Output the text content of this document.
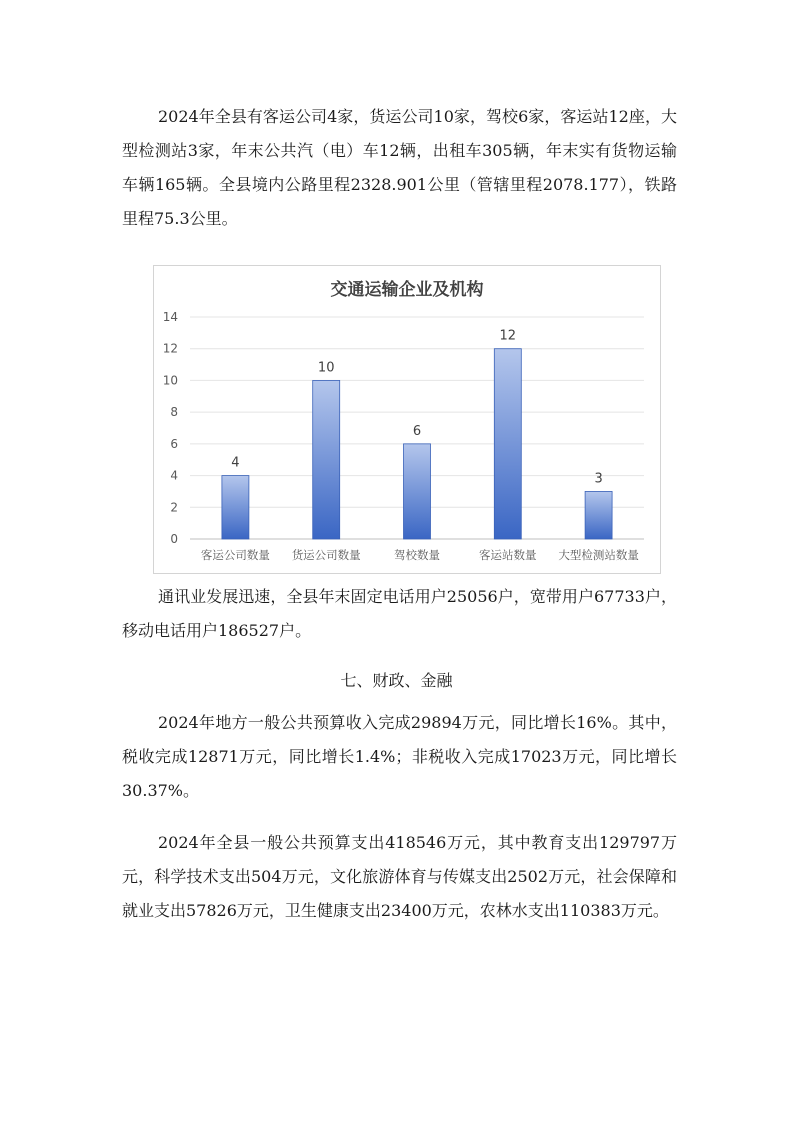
2024年全县有客运公司4家，货运公司10家，驾校6家，客运站12座，大型检测站3家，年末公共汽（电）车12辆，出租车305辆，年末实有货物运输车辆165辆。全县境内公路里程2328.901公里（管辖里程2078.177），铁路里程75.3公里。

交通运输企业及机构
0
2
4
6
8
10
12
14
4
客运公司数量
10
货运公司数量
6
驾校数量
12
客运站数量
3
大型检测站数量

通讯业发展迅速，全县年末固定电话用户25056户，宽带用户67733户，移动电话用户186527户。

七、财政、金融

2024年地方一般公共预算收入完成29894万元，同比增长16%。其中，税收完成12871万元，同比增长1.4%；非税收入完成17023万元，同比增长30.37%。

2024年全县一般公共预算支出418546万元，其中教育支出129797万元，科学技术支出504万元，文化旅游体育与传媒支出2502万元，社会保障和就业支出57826万元，卫生健康支出23400万元，农林水支出110383万元。
